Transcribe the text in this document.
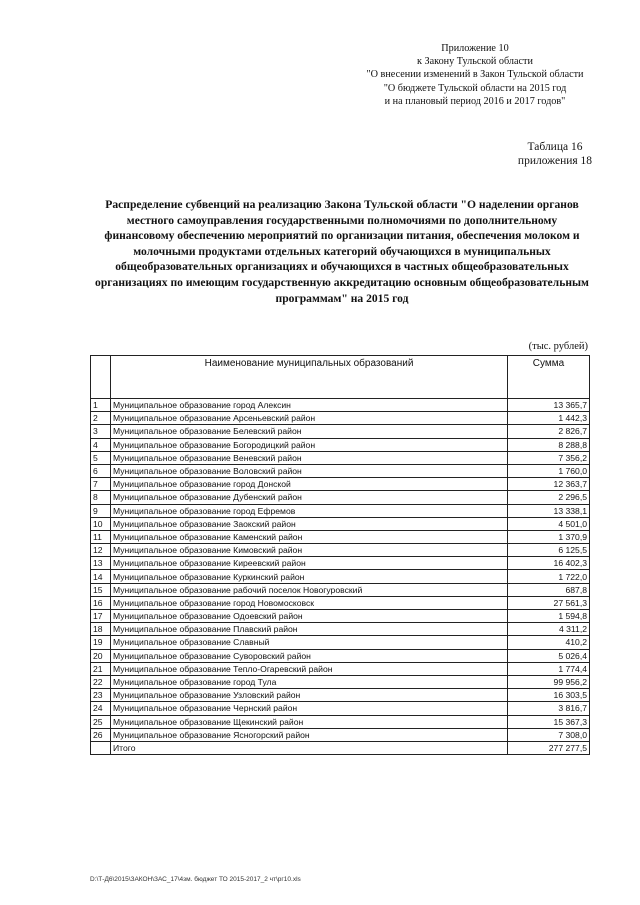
Приложение 10
к Закону Тульской области
"О внесении изменений в Закон Тульской области
"О бюджете Тульской области на 2015 год
и на плановый период 2016 и 2017 годов"
Таблица 16
приложения 18
Распределение субвенций на реализацию Закона Тульской области "О наделении органов местного самоуправления государственными полномочиями по дополнительному финансовому обеспечению мероприятий по организации питания, обеспечения молоком и молочными продуктами отдельных категорий обучающихся в муниципальных общеобразовательных организациях и обучающихся в частных общеобразовательных организациях по имеющим государственную аккредитацию основным общеобразовательным программам" на 2015 год
(тыс. рублей)
	Наименование муниципальных образований	Сумма
1	Муниципальное образование город Алексин	13 365,7
2	Муниципальное образование Арсеньевский район	1 442,3
3	Муниципальное образование Белевский район	2 826,7
4	Муниципальное образование Богородицкий район	8 288,8
5	Муниципальное образование Веневский район	7 356,2
6	Муниципальное образование Воловский район	1 760,0
7	Муниципальное образование город Донской	12 363,7
8	Муниципальное образование Дубенский район	2 296,5
9	Муниципальное образование город Ефремов	13 338,1
10	Муниципальное образование Заокский район	4 501,0
11	Муниципальное образование Каменский район	1 370,9
12	Муниципальное образование Кимовский район	6 125,5
13	Муниципальное образование Киреевский район	16 402,3
14	Муниципальное образование Куркинский район	1 722,0
15	Муниципальное образование рабочий поселок Новогуровский	687,8
16	Муниципальное образование город Новомосковск	27 561,3
17	Муниципальное образование Одоевский район	1 594,8
18	Муниципальное образование Плавский район	4 311,2
19	Муниципальное образование Славный	410,2
20	Муниципальное образование Суворовский район	5 026,4
21	Муниципальное образование Тепло-Огаревский район	1 774,4
22	Муниципальное образование город Тула	99 956,2
23	Муниципальное образование Узловский район	16 303,5
24	Муниципальное образование Чернский район	3 816,7
25	Муниципальное образование Щекинский район	15 367,3
26	Муниципальное образование Ясногорский район	7 308,0
	Итого	277 277,5
D:\Т-Д6\2015\ЗАКОН\ЗАС_17\4зм. бюджет ТО 2015-2017_2 чт\рг10.xls
